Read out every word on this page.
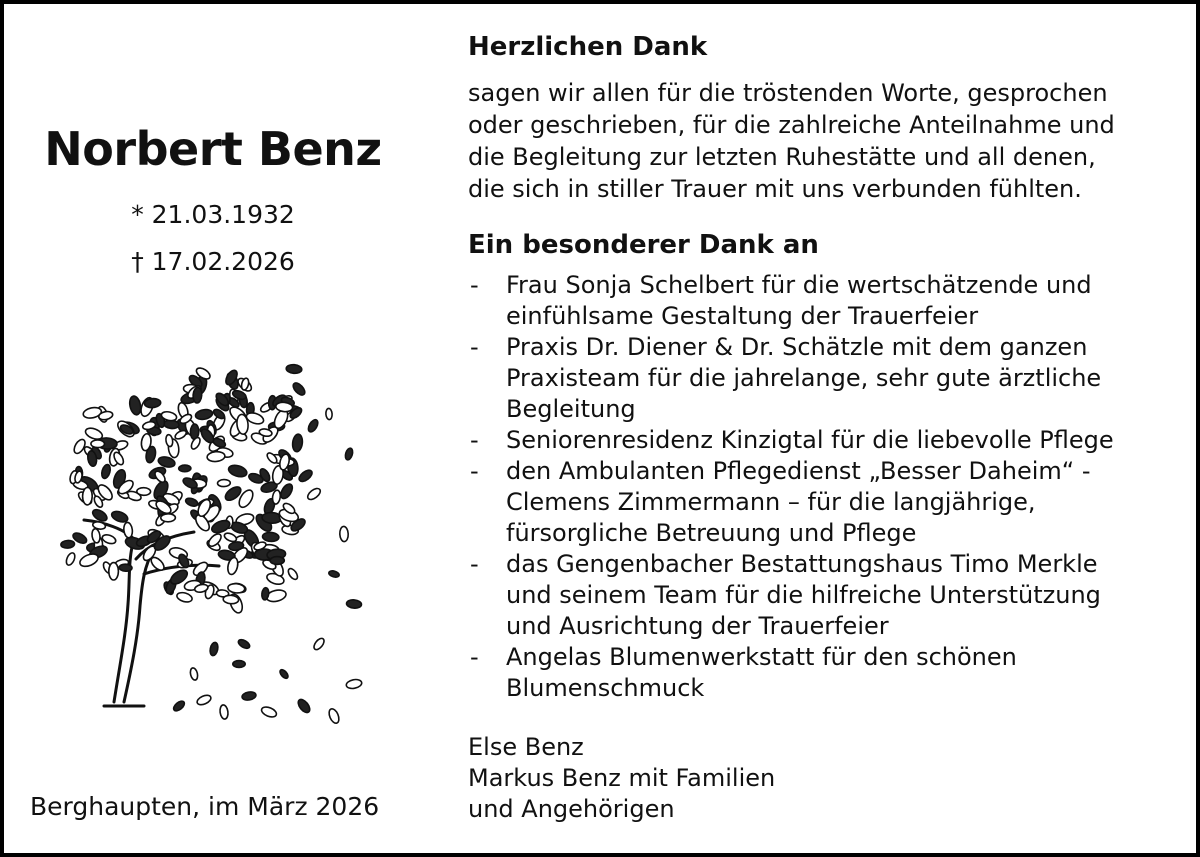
Norbert Benz
* 21.03.1932
† 17.02.2026
Berghaupten, im März 2026
Herzlichen Dank
sagen wir allen für die tröstenden Worte, gesprochen
oder geschrieben, für die zahlreiche Anteilnahme und
die Begleitung zur letzten Ruhestätte und all denen,
die sich in stiller Trauer mit uns verbunden fühlten.
Ein besonderer Dank an
- Frau Sonja Schelbert für die wertschätzende und
einfühlsame Gestaltung der Trauerfeier
- Praxis Dr. Diener & Dr. Schätzle mit dem ganzen
Praxisteam für die jahrelange, sehr gute ärztliche
Begleitung
- Seniorenresidenz Kinzigtal für die liebevolle Pflege
- den Ambulanten Pflegedienst „Besser Daheim“ -
Clemens Zimmermann – für die langjährige,
fürsorgliche Betreuung und Pflege
- das Gengenbacher Bestattungshaus Timo Merkle
und seinem Team für die hilfreiche Unterstützung
und Ausrichtung der Trauerfeier
- Angelas Blumenwerkstatt für den schönen
Blumenschmuck
Else Benz
Markus Benz mit Familien
und Angehörigen
